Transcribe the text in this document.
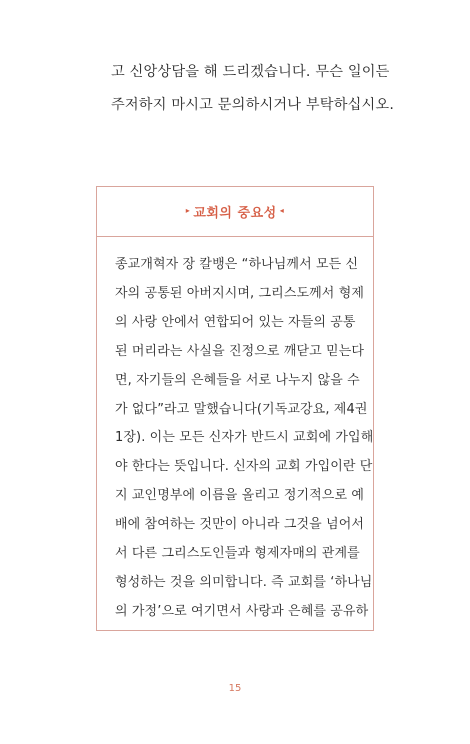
고 신앙상담을 해 드리겠습니다. 무슨 일이든
주저하지 마시고 문의하시거나 부탁하십시오.
▸ 교회의 중요성 ◂
종교개혁자 장 칼뱅은 “하나님께서 모든 신
자의 공통된 아버지시며, 그리스도께서 형제
의 사랑 안에서 연합되어 있는 자들의 공통
된 머리라는 사실을 진정으로 깨닫고 믿는다
면, 자기들의 은혜들을 서로 나누지 않을 수
가 없다”라고 말했습니다(기독교강요, 제4권
1장). 이는 모든 신자가 반드시 교회에 가입해
야 한다는 뜻입니다. 신자의 교회 가입이란 단
지 교인명부에 이름을 올리고 정기적으로 예
배에 참여하는 것만이 아니라 그것을 넘어서
서 다른 그리스도인들과 형제자매의 관계를
형성하는 것을 의미합니다. 즉 교회를 ‘하나님
의 가정’으로 여기면서 사랑과 은혜를 공유하
15
